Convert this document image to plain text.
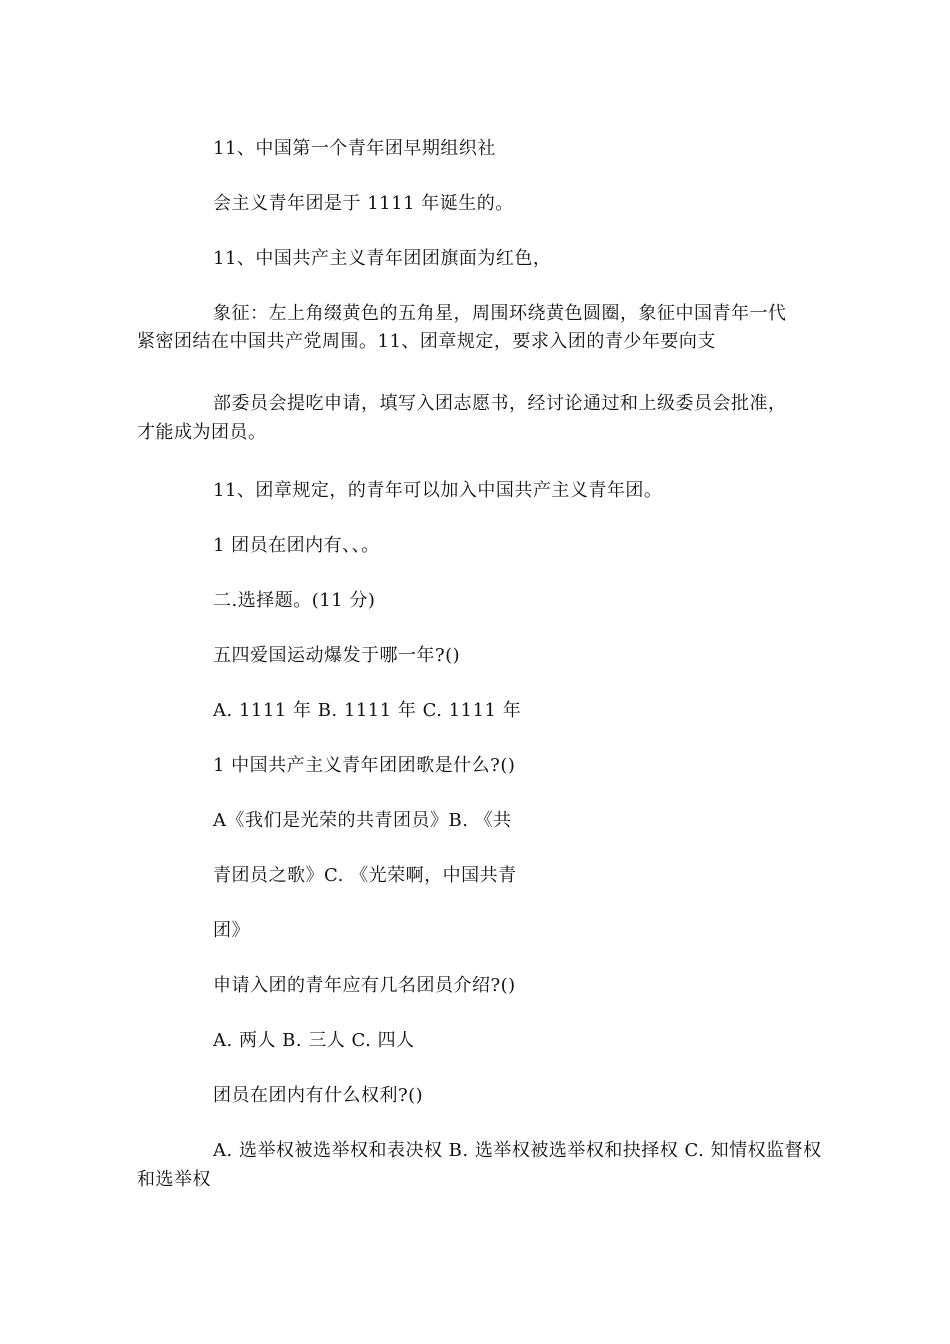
11、中国第一个青年团早期组织社
会主义青年团是于 1111 年诞生的。
11、中国共产主义青年团团旗面为红色，
象征：左上角缀黄色的五角星，周围环绕黄色圆圈，象征中国青年一代
紧密团结在中国共产党周围。11、团章规定，要求入团的青少年要向支
部委员会提吃申请，填写入团志愿书，经讨论通过和上级委员会批准，
才能成为团员。
11、团章规定，的青年可以加入中国共产主义青年团。
1 团员在团内有、、。
二.选择题。(11 分)
五四爱国运动爆发于哪一年?()
A. 1111 年 B. 1111 年 C. 1111 年
1 中国共产主义青年团团歌是什么?()
A《我们是光荣的共青团员》B. 《共
青团员之歌》C. 《光荣啊，中国共青
团》
申请入团的青年应有几名团员介绍?()
A. 两人 B. 三人 C. 四人
团员在团内有什么权利?()
A. 选举权被选举权和表决权 B. 选举权被选举权和抉择权 C. 知情权监督权
和选举权
